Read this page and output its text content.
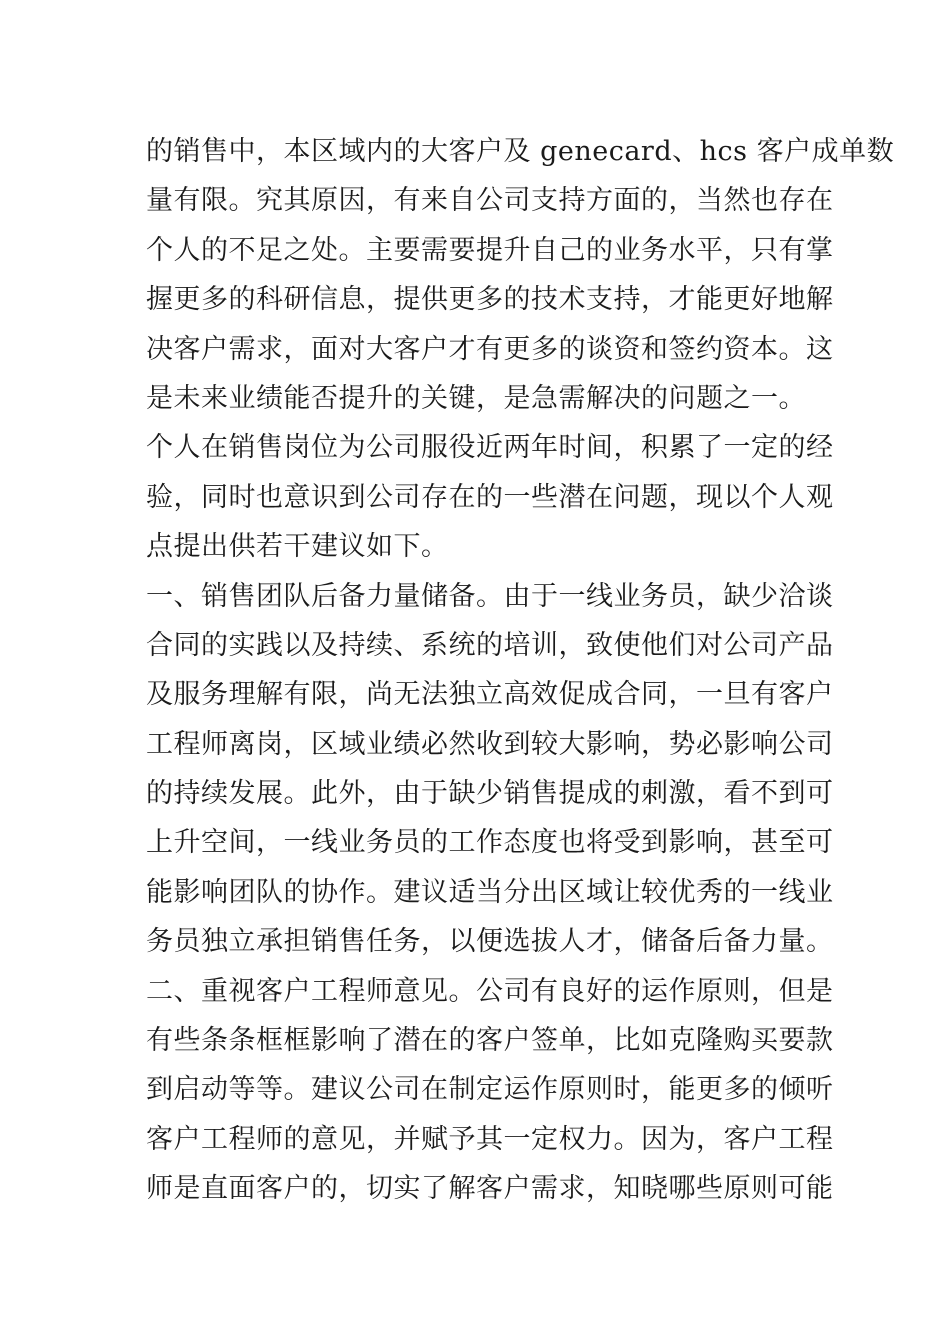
的销售中，本区域内的大客户及 genecard、hcs 客户成单数
量有限。究其原因，有来自公司支持方面的，当然也存在
个人的不足之处。主要需要提升自己的业务水平，只有掌
握更多的科研信息，提供更多的技术支持，才能更好地解
决客户需求，面对大客户才有更多的谈资和签约资本。这
是未来业绩能否提升的关键，是急需解决的问题之一。
个人在销售岗位为公司服役近两年时间，积累了一定的经
验，同时也意识到公司存在的一些潜在问题，现以个人观
点提出供若干建议如下。
一、销售团队后备力量储备。由于一线业务员，缺少洽谈
合同的实践以及持续、系统的培训，致使他们对公司产品
及服务理解有限，尚无法独立高效促成合同，一旦有客户
工程师离岗，区域业绩必然收到较大影响，势必影响公司
的持续发展。此外，由于缺少销售提成的刺激，看不到可
上升空间，一线业务员的工作态度也将受到影响，甚至可
能影响团队的协作。建议适当分出区域让较优秀的一线业
务员独立承担销售任务，以便选拔人才，储备后备力量。
二、重视客户工程师意见。公司有良好的运作原则，但是
有些条条框框影响了潜在的客户签单，比如克隆购买要款
到启动等等。建议公司在制定运作原则时，能更多的倾听
客户工程师的意见，并赋予其一定权力。因为，客户工程
师是直面客户的，切实了解客户需求，知晓哪些原则可能
